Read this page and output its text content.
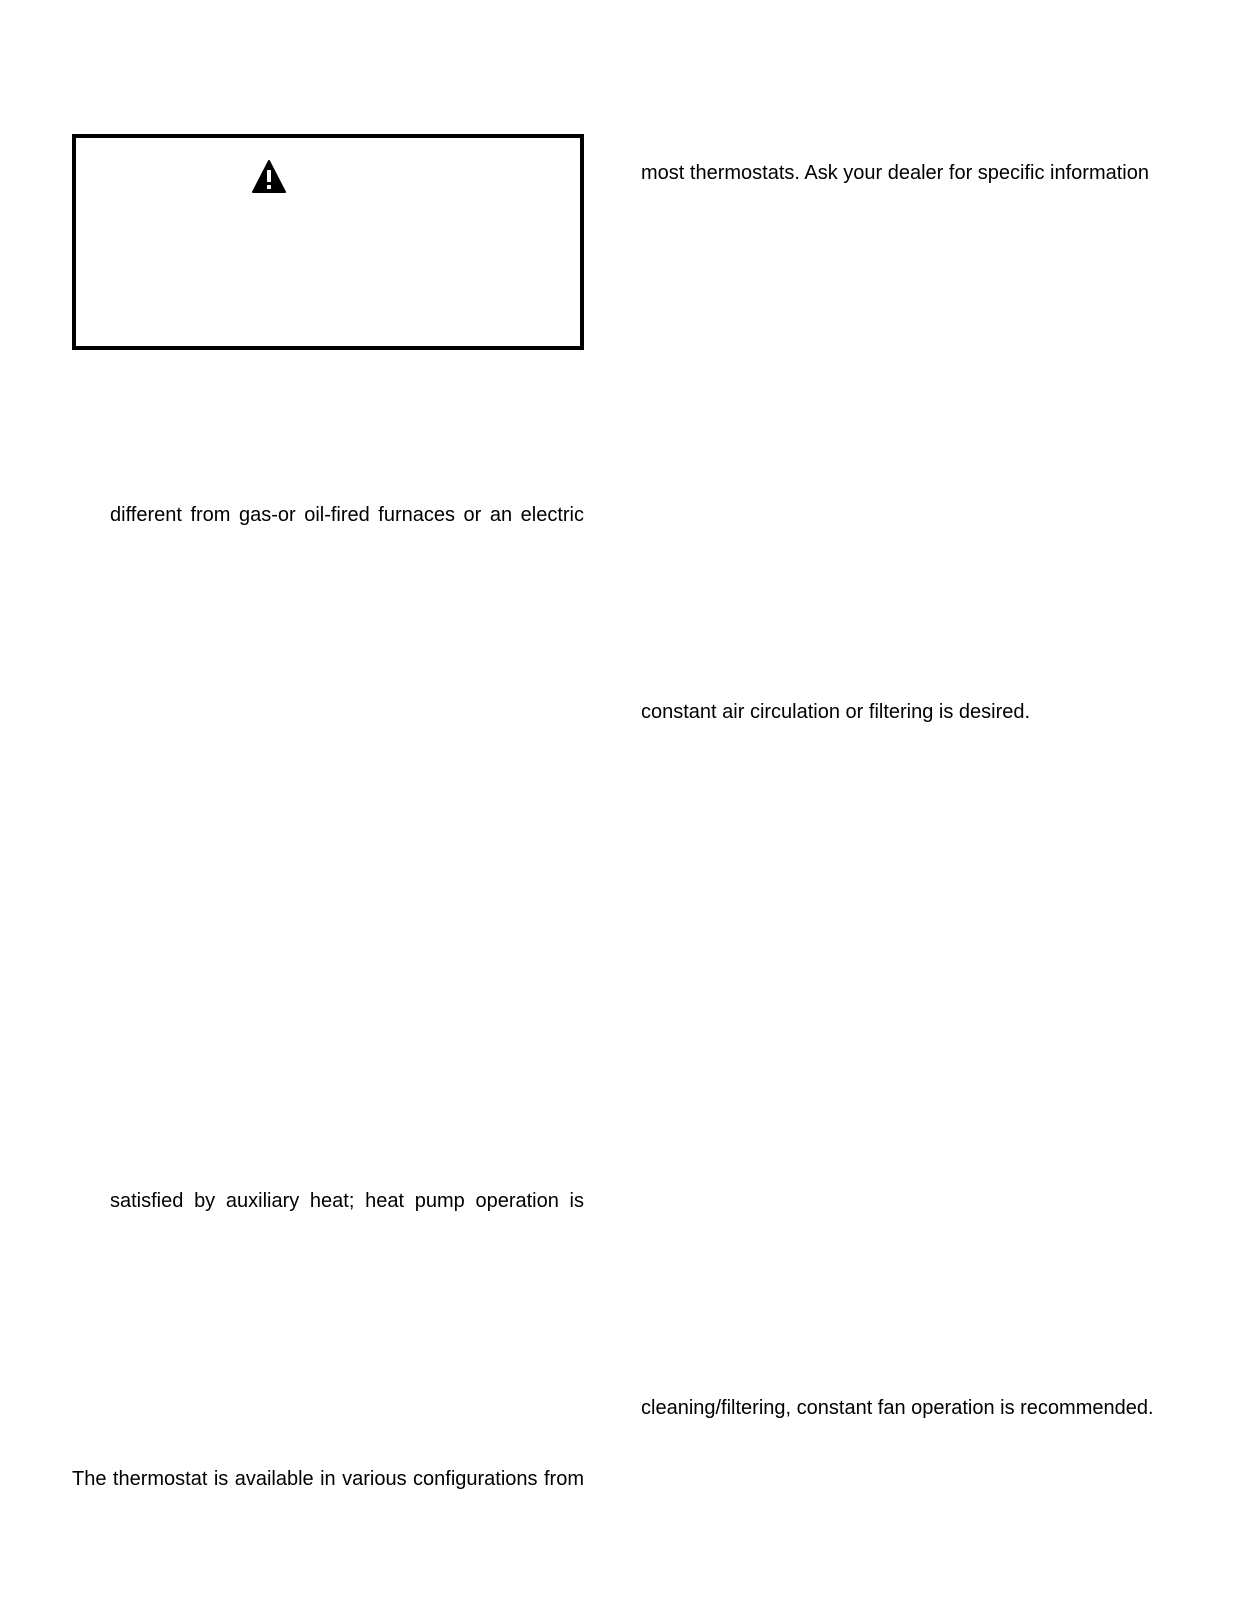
different from gas-or oil-fired furnaces or an electric

satisfied by auxiliary heat; heat pump operation is

The thermostat is available in various configurations from

most thermostats. Ask your dealer for specific information

constant air circulation or filtering is desired.

cleaning/filtering, constant fan operation is recommended.
